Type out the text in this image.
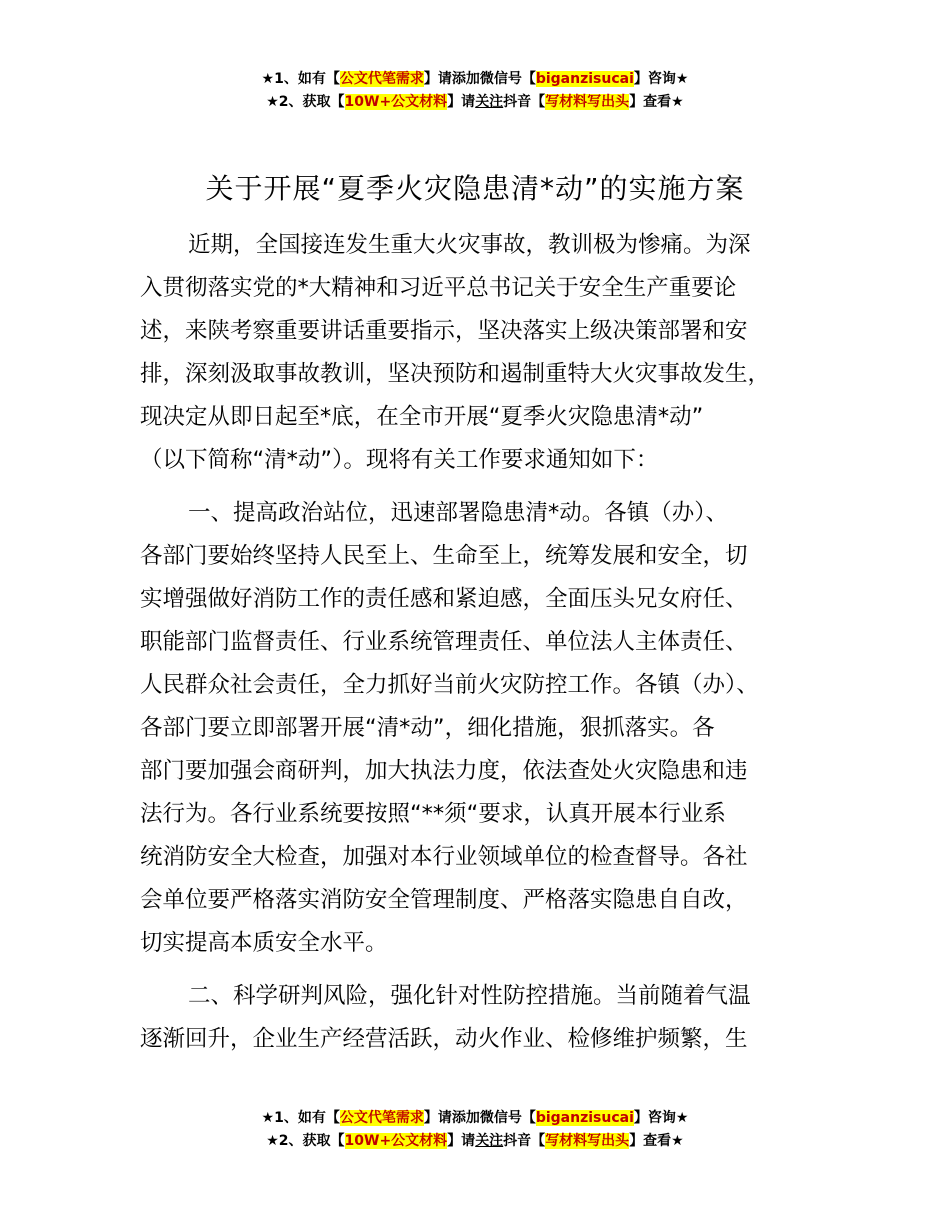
★1、如有【公文代笔需求】请添加微信号【biganzisucai】咨询★
★2、获取【10W+公文材料】请关注抖音【写材料写出头】查看★
关于开展“夏季火灾隐患清*动”的实施方案
近期，全国接连发生重大火灾事故，教训极为惨痛。为深
入贯彻落实党的*大精神和习近平总书记关于安全生产重要论
述，来陕考察重要讲话重要指示，坚决落实上级决策部署和安
排，深刻汲取事故教训，坚决预防和遏制重特大火灾事故发生，
现决定从即日起至*底，在全市开展“夏季火灾隐患清*动”
（以下简称“清*动”）。现将有关工作要求通知如下：
一、提高政治站位，迅速部署隐患清*动。各镇（办）、
各部门要始终坚持人民至上、生命至上，统筹发展和安全，切
实增强做好消防工作的责任感和紧迫感，全面压头兄女府任、
职能部门监督责任、行业系统管理责任、单位法人主体责任、
人民群众社会责任，全力抓好当前火灾防控工作。各镇（办）、
各部门要立即部署开展“清*动”，细化措施，狠抓落实。各
部门要加强会商研判，加大执法力度，依法查处火灾隐患和违
法行为。各行业系统要按照“**须“要求，认真开展本行业系
统消防安全大检查，加强对本行业领域单位的检查督导。各社
会单位要严格落实消防安全管理制度、严格落实隐患自自改，
切实提高本质安全水平。
二、科学研判风险，强化针对性防控措施。当前随着气温
逐渐回升，企业生产经营活跃，动火作业、检修维护频繁，生
★1、如有【公文代笔需求】请添加微信号【biganzisucai】咨询★
★2、获取【10W+公文材料】请关注抖音【写材料写出头】查看★
